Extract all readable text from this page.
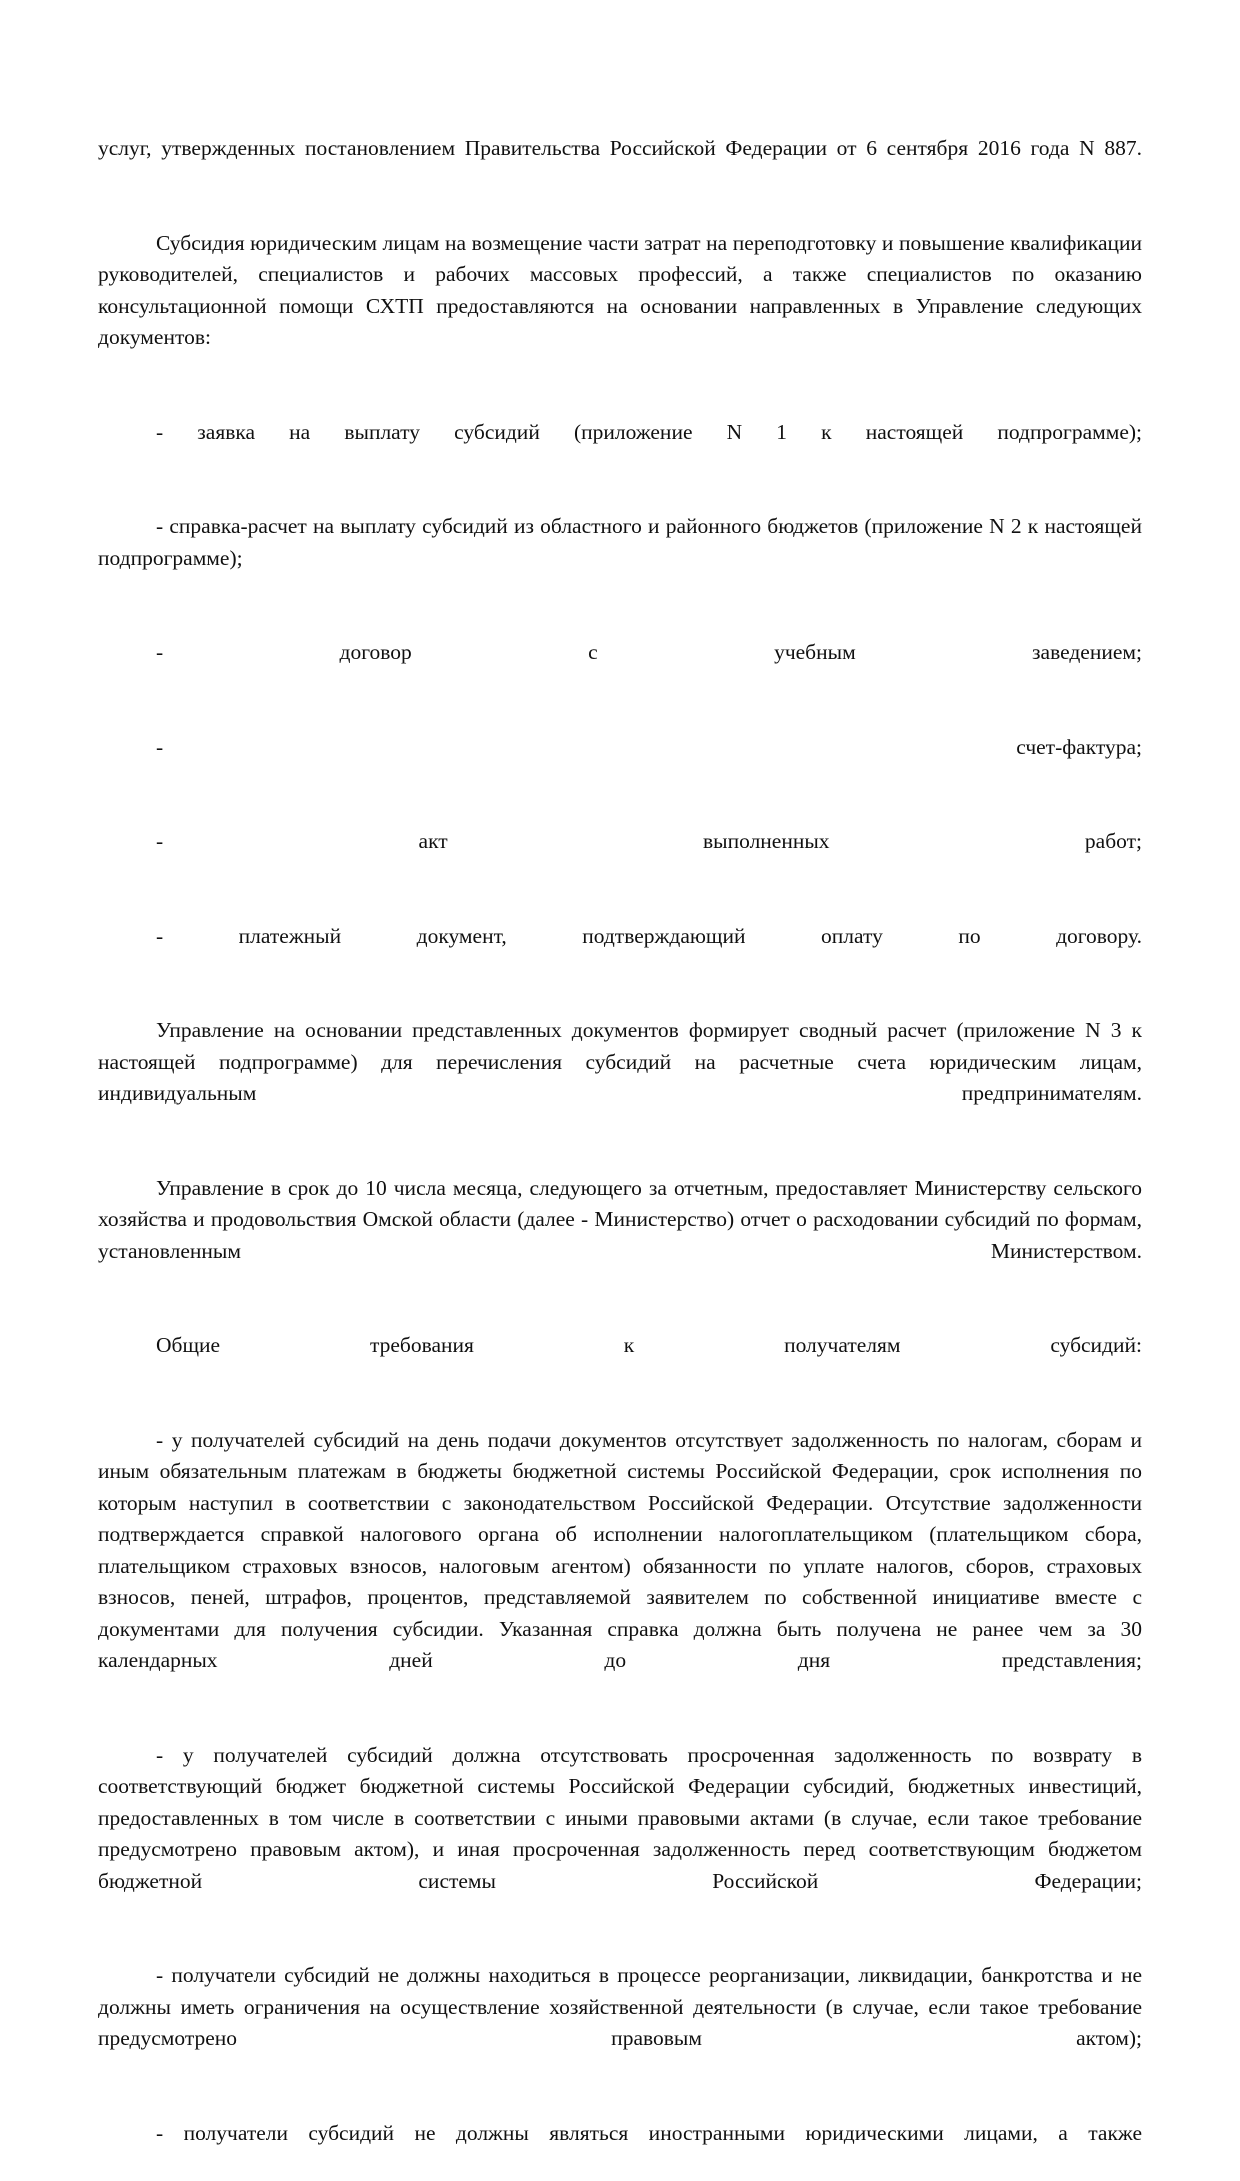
услуг, утвержденных постановлением Правительства Российской Федерации от 6 сентября 2016 года N 887.

Субсидия юридическим лицам на возмещение части затрат на переподготовку и повышение квалификации руководителей, специалистов и рабочих массовых профессий, а также специалистов по оказанию консультационной помощи СХТП предоставляются на основании направленных в Управление следующих документов:

- заявка на выплату субсидий (приложение N 1 к настоящей подпрограмме);

- справка-расчет на выплату субсидий из областного и районного бюджетов (приложение N 2 к настоящей подпрограмме);

- договор с учебным заведением;

- счет-фактура;

- акт выполненных работ;

- платежный документ, подтверждающий оплату по договору.

Управление на основании представленных документов формирует сводный расчет (приложение N 3 к настоящей подпрограмме) для перечисления субсидий на расчетные счета юридическим лицам, индивидуальным предпринимателям.

Управление в срок до 10 числа месяца, следующего за отчетным, предоставляет Министерству сельского хозяйства и продовольствия Омской области (далее - Министерство) отчет о расходовании субсидий по формам, установленным Министерством.

Общие требования к получателям субсидий:

- у получателей субсидий на день подачи документов отсутствует задолженность по налогам, сборам и иным обязательным платежам в бюджеты бюджетной системы Российской Федерации, срок исполнения по которым наступил в соответствии с законодательством Российской Федерации. Отсутствие задолженности подтверждается справкой налогового органа об исполнении налогоплательщиком (плательщиком сбора, плательщиком страховых взносов, налоговым агентом) обязанности по уплате налогов, сборов, страховых взносов, пеней, штрафов, процентов, представляемой заявителем по собственной инициативе вместе с документами для получения субсидии. Указанная справка должна быть получена не ранее чем за 30 календарных дней до дня представления;

- у получателей субсидий должна отсутствовать просроченная задолженность по возврату в соответствующий бюджет бюджетной системы Российской Федерации субсидий, бюджетных инвестиций, предоставленных в том числе в соответствии с иными правовыми актами (в случае, если такое требование предусмотрено правовым актом), и иная просроченная задолженность перед соответствующим бюджетом бюджетной системы Российской Федерации;

- получатели субсидий не должны находиться в процессе реорганизации, ликвидации, банкротства и не должны иметь ограничения на осуществление хозяйственной деятельности (в случае, если такое требование предусмотрено правовым актом);

- получатели субсидий не должны являться иностранными юридическими лицами, а также
